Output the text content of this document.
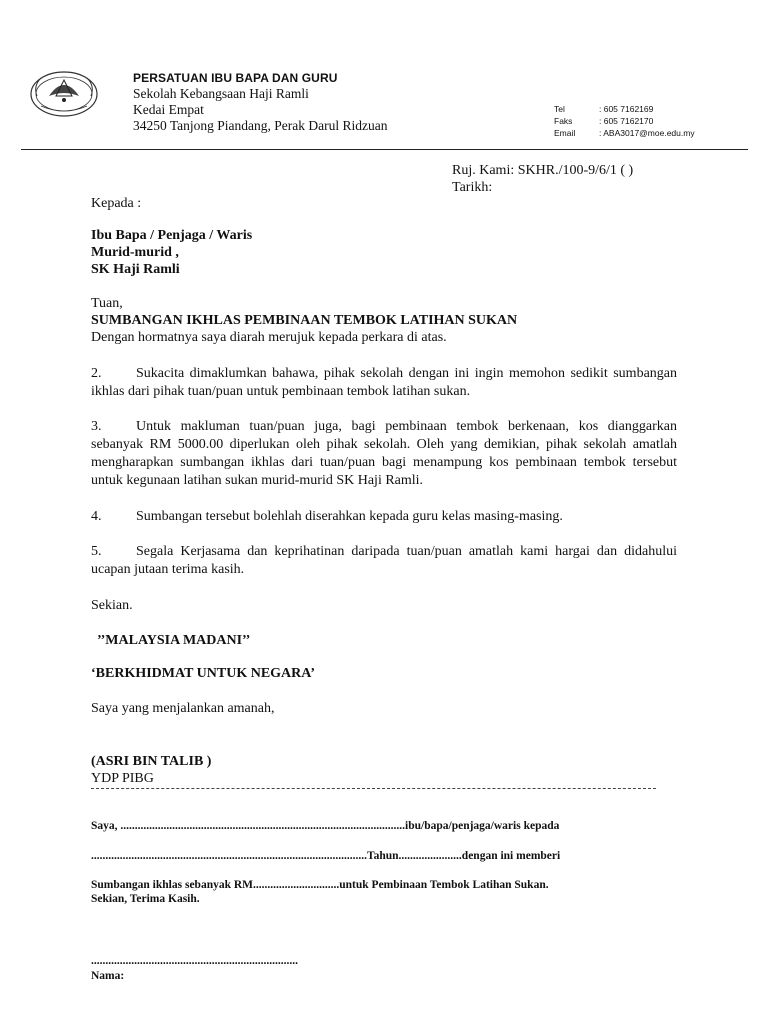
PERSATUAN IBU BAPA DAN GURU
Sekolah Kebangsaan Haji Ramli
Kedai Empat
34250 Tanjong Piandang, Perak Darul Ridzuan
Tel	: 605 7162169
Faks	: 605 7162170
Email	: ABA3017@moe.edu.my
Ruj. Kami: SKHR./100-9/6/1 ( )
Tarikh:
Kepada :
Ibu Bapa / Penjaga / Waris
Murid-murid ,
SK Haji Ramli
Tuan,
SUMBANGAN IKHLAS PEMBINAAN TEMBOK LATIHAN SUKAN
Dengan hormatnya saya diarah merujuk kepada perkara di atas.
2. Sukacita dimaklumkan bahawa, pihak sekolah dengan ini ingin memohon sedikit sumbangan ikhlas dari pihak tuan/puan untuk pembinaan tembok latihan sukan.
3. Untuk makluman tuan/puan juga, bagi pembinaan tembok berkenaan, kos dianggarkan sebanyak RM 5000.00 diperlukan oleh pihak sekolah. Oleh yang demikian, pihak sekolah amatlah mengharapkan sumbangan ikhlas dari tuan/puan bagi menampung kos pembinaan tembok tersebut untuk kegunaan latihan sukan murid-murid SK Haji Ramli.
4. Sumbangan tersebut bolehlah diserahkan kepada guru kelas masing-masing.
5. Segala Kerjasama dan keprihatinan daripada tuan/puan amatlah kami hargai dan didahului ucapan jutaan terima kasih.
Sekian.
’’MALAYSIA MADANI’’
‘BERKHIDMAT UNTUK NEGARA’
Saya yang menjalankan amanah,
(ASRI BIN TALIB )
YDP PIBG
Saya, ...................................................................................................ibu/bapa/penjaga/waris kepada
................................................................................................Tahun......................dengan ini memberi
Sumbangan ikhlas sebanyak RM..............................untuk Pembinaan Tembok Latihan Sukan.
Sekian, Terima Kasih.
........................................................................
Nama:
